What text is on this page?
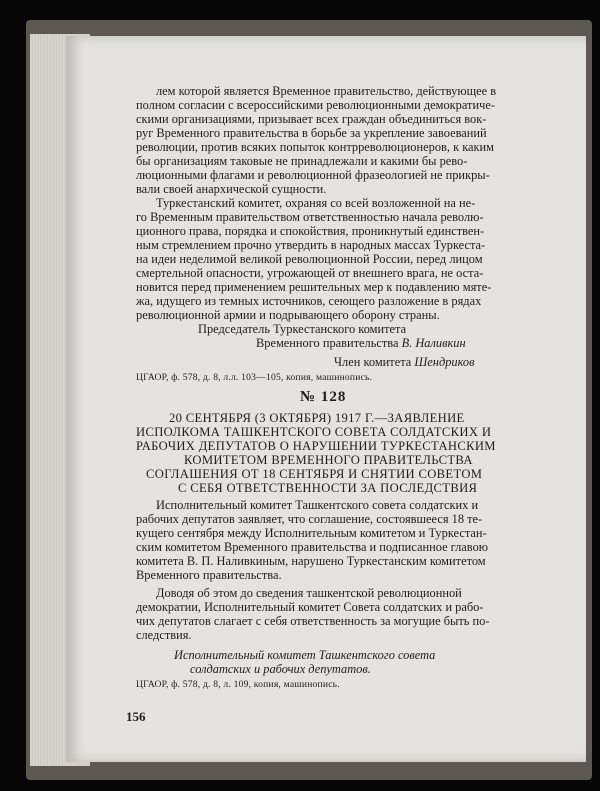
лем которой является Временное правительство, действующее в
полном согласии с всероссийскими революционными демократиче-
скими организациями, призывает всех граждан объединиться вок-
руг Временного правительства в борьбе за укрепление завоеваний
революции, против всяких попыток контрреволюционеров, к каким
бы организациям таковые не принадлежали и какими бы рево-
люционными флагами и революционной фразеологией не прикры-
вали своей анархической сущности.
Туркестанский комитет, охраняя со всей возложенной на не-
го Временным правительством ответственностью начала револю-
ционного права, порядка и спокойствия, проникнутый единствен-
ным стремлением прочно утвердить в народных массах Туркеста-
на идеи неделимой великой революционной России, перед лицом
смертельной опасности, угрожающей от внешнего врага, не оста-
новится перед применением решительных мер к подавлению мяте-
жа, идущего из темных источников, сеющего разложение в рядах
революционной армии и подрывающего оборону страны.
Председатель Туркестанского комитета
Временного правительства В. Наливкин
Член комитета Шендриков
ЦГАОР, ф. 578, д. 8, л.л. 103—105, копия, машинопись.
№ 128
20 СЕНТЯБРЯ (3 ОКТЯБРЯ) 1917 Г.—ЗАЯВЛЕНИЕ
ИСПОЛКОМА ТАШКЕНТСКОГО СОВЕТА СОЛДАТСКИХ И
РАБОЧИХ ДЕПУТАТОВ О НАРУШЕНИИ ТУРКЕСТАНСКИМ
КОМИТЕТОМ ВРЕМЕННОГО ПРАВИТЕЛЬСТВА
СОГЛАШЕНИЯ ОТ 18 СЕНТЯБРЯ И СНЯТИИ СОВЕТОМ
С СЕБЯ ОТВЕТСТВЕННОСТИ ЗА ПОСЛЕДСТВИЯ
Исполнительный комитет Ташкентского совета солдатских и
рабочих депутатов заявляет, что соглашение, состоявшееся 18 те-
кущего сентября между Исполнительным комитетом и Туркестан-
ским комитетом Временного правительства и подписанное главою
комитета В. П. Наливкиным, нарушено Туркестанским комитетом
Временного правительства.
Доводя об этом до сведения ташкентской революционной
демократии, Исполнительный комитет Совета солдатских и рабо-
чих депутатов слагает с себя ответственность за могущие быть по-
следствия.
Исполнительный комитет Ташкентского совета
солдатских и рабочих депутатов.
ЦГАОР, ф. 578, д. 8, л. 109, копия, машинопись.
156
